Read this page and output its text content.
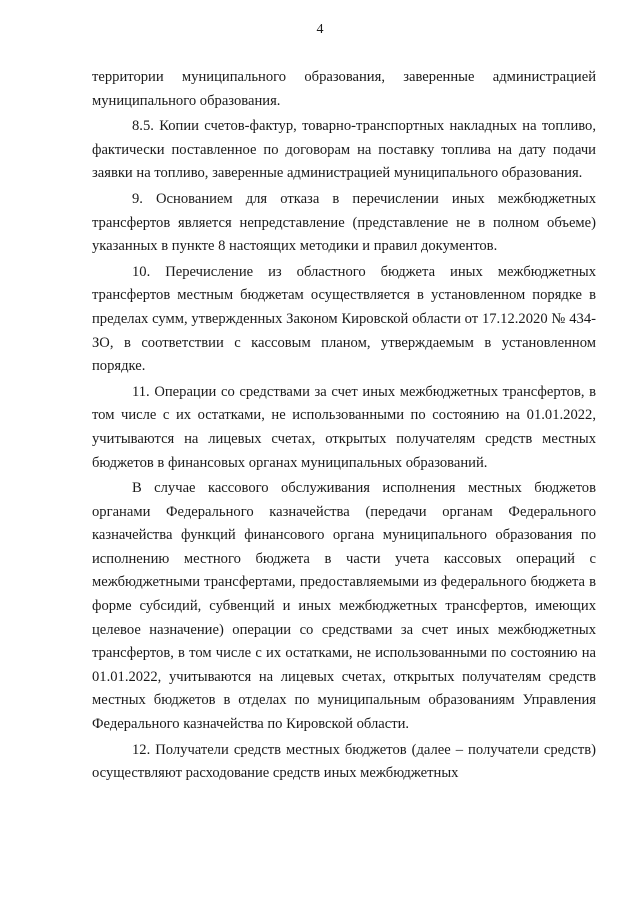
4

территории муниципального образования, заверенные администрацией муниципального образования.

8.5. Копии счетов-фактур, товарно-транспортных накладных на топливо, фактически поставленное по договорам на поставку топлива на дату подачи заявки на топливо, заверенные администрацией муниципального образования.

9. Основанием для отказа в перечислении иных межбюджетных трансфертов является непредставление (представление не в полном объеме) указанных в пункте 8 настоящих методики и правил документов.

10. Перечисление из областного бюджета иных межбюджетных трансфертов местным бюджетам осуществляется в установленном порядке в пределах сумм, утвержденных Законом Кировской области от 17.12.2020 № 434-ЗО, в соответствии с кассовым планом, утверждаемым в установленном порядке.

11. Операции со средствами за счет иных межбюджетных трансфертов, в том числе с их остатками, не использованными по состоянию на 01.01.2022, учитываются на лицевых счетах, открытых получателям средств местных бюджетов в финансовых органах муниципальных образований.

В случае кассового обслуживания исполнения местных бюджетов органами Федерального казначейства (передачи органам Федерального казначейства функций финансового органа муниципального образования по исполнению местного бюджета в части учета кассовых операций с межбюджетными трансфертами, предоставляемыми из федерального бюджета в форме субсидий, субвенций и иных межбюджетных трансфертов, имеющих целевое назначение) операции со средствами за счет иных межбюджетных трансфертов, в том числе с их остатками, не использованными по состоянию на 01.01.2022, учитываются на лицевых счетах, открытых получателям средств местных бюджетов в отделах по муниципальным образованиям Управления Федерального казначейства по Кировской области.

12. Получатели средств местных бюджетов (далее – получатели средств) осуществляют расходование средств иных межбюджетных
